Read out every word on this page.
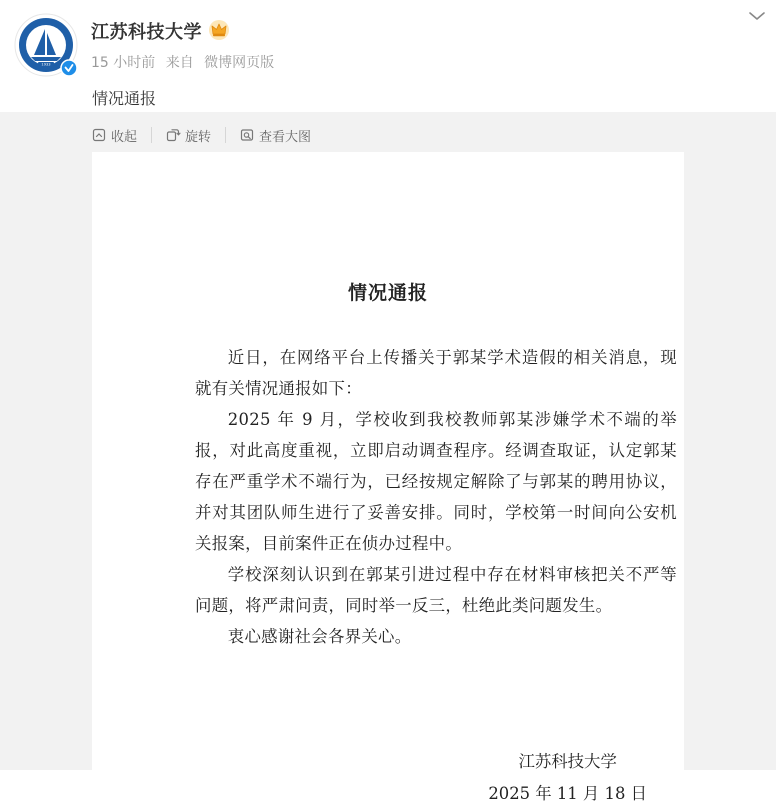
1933
江苏科技大学
15 小时前 来自 微博网页版
情况通报
收起	旋转	查看大图
情况通报

近日，在网络平台上传播关于郭某学术造假的相关消息，现就有关情况通报如下：

2025 年 9 月，学校收到我校教师郭某涉嫌学术不端的举报，对此高度重视，立即启动调查程序。经调查取证，认定郭某存在严重学术不端行为，已经按规定解除了与郭某的聘用协议，并对其团队师生进行了妥善安排。同时，学校第一时间向公安机关报案，目前案件正在侦办过程中。

学校深刻认识到在郭某引进过程中存在材料审核把关不严等问题，将严肃问责，同时举一反三，杜绝此类问题发生。

衷心感谢社会各界关心。

江苏科技大学
2025 年 11 月 18 日
